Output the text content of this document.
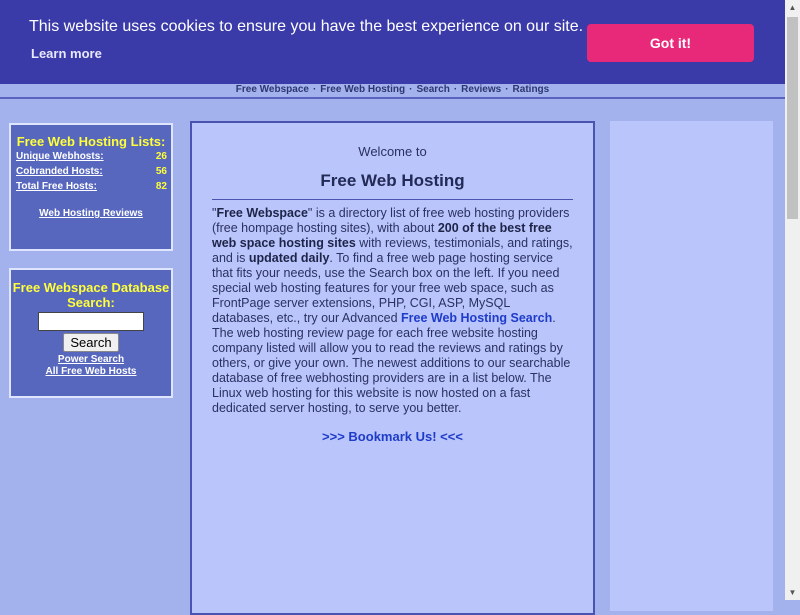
This website uses cookies to ensure you have the best experience on our site.
Learn more
Got it!
Free Webspace · Free Web Hosting · Search · Reviews · Ratings
Free Web Hosting Lists:
Unique Webhosts:	26
Cobranded Hosts:	56
Total Free Hosts:	82
Web Hosting Reviews
Free Webspace Database Search:
Search
Power Search
All Free Web Hosts
Welcome to
Free Web Hosting
"Free Webspace" is a directory list of free web hosting providers (free hompage hosting sites), with about 200 of the best free web space hosting sites with reviews, testimonials, and ratings, and is updated daily. To find a free web page hosting service that fits your needs, use the Search box on the left. If you need special web hosting features for your free web space, such as FrontPage server extensions, PHP, CGI, ASP, MySQL databases, etc., try our Advanced Free Web Hosting Search. The web hosting review page for each free website hosting company listed will allow you to read the reviews and ratings by others, or give your own. The newest additions to our searchable database of free webhosting providers are in a list below. The Linux web hosting for this website is now hosted on a fast dedicated server hosting, to serve you better.
>>> Bookmark Us! <<<
▲
▼
